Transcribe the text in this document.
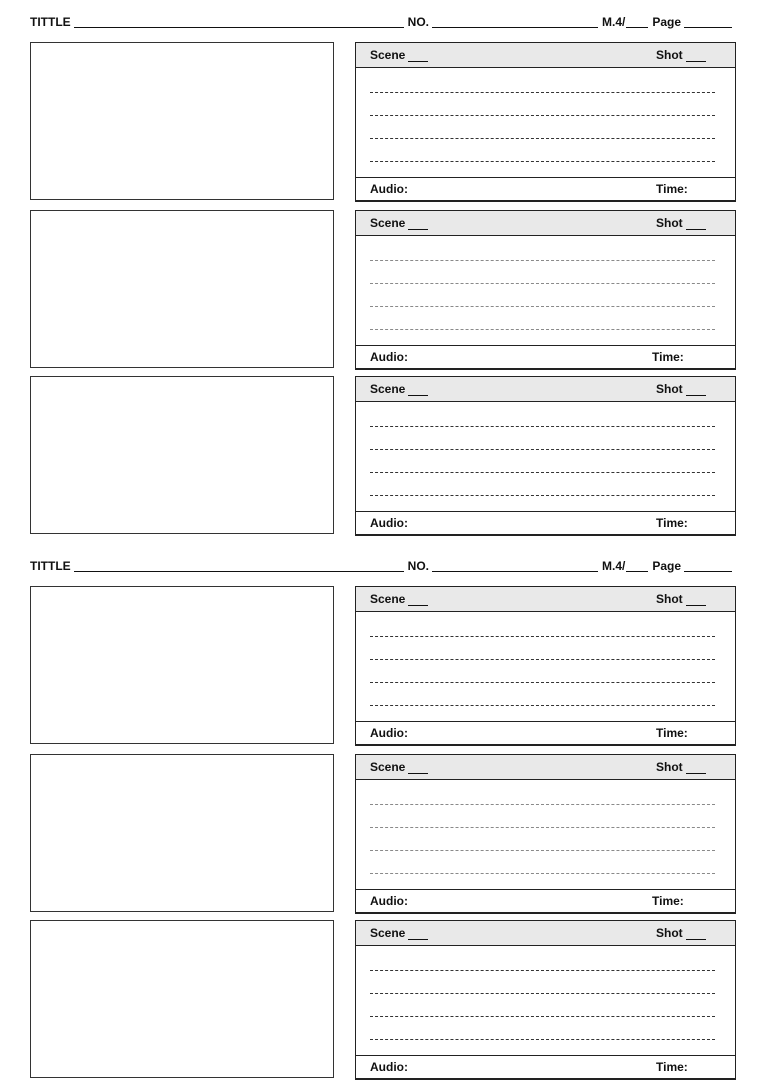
TITTLE	NO.	M.4/ Page
Scene	Shot
Audio:	Time:
Scene	Shot
Audio:	Time:
Scene	Shot
Audio:	Time:
TITTLE	NO.	M.4/ Page
Scene	Shot
Audio:	Time:
Scene	Shot
Audio:	Time:
Scene	Shot
Audio:	Time:
